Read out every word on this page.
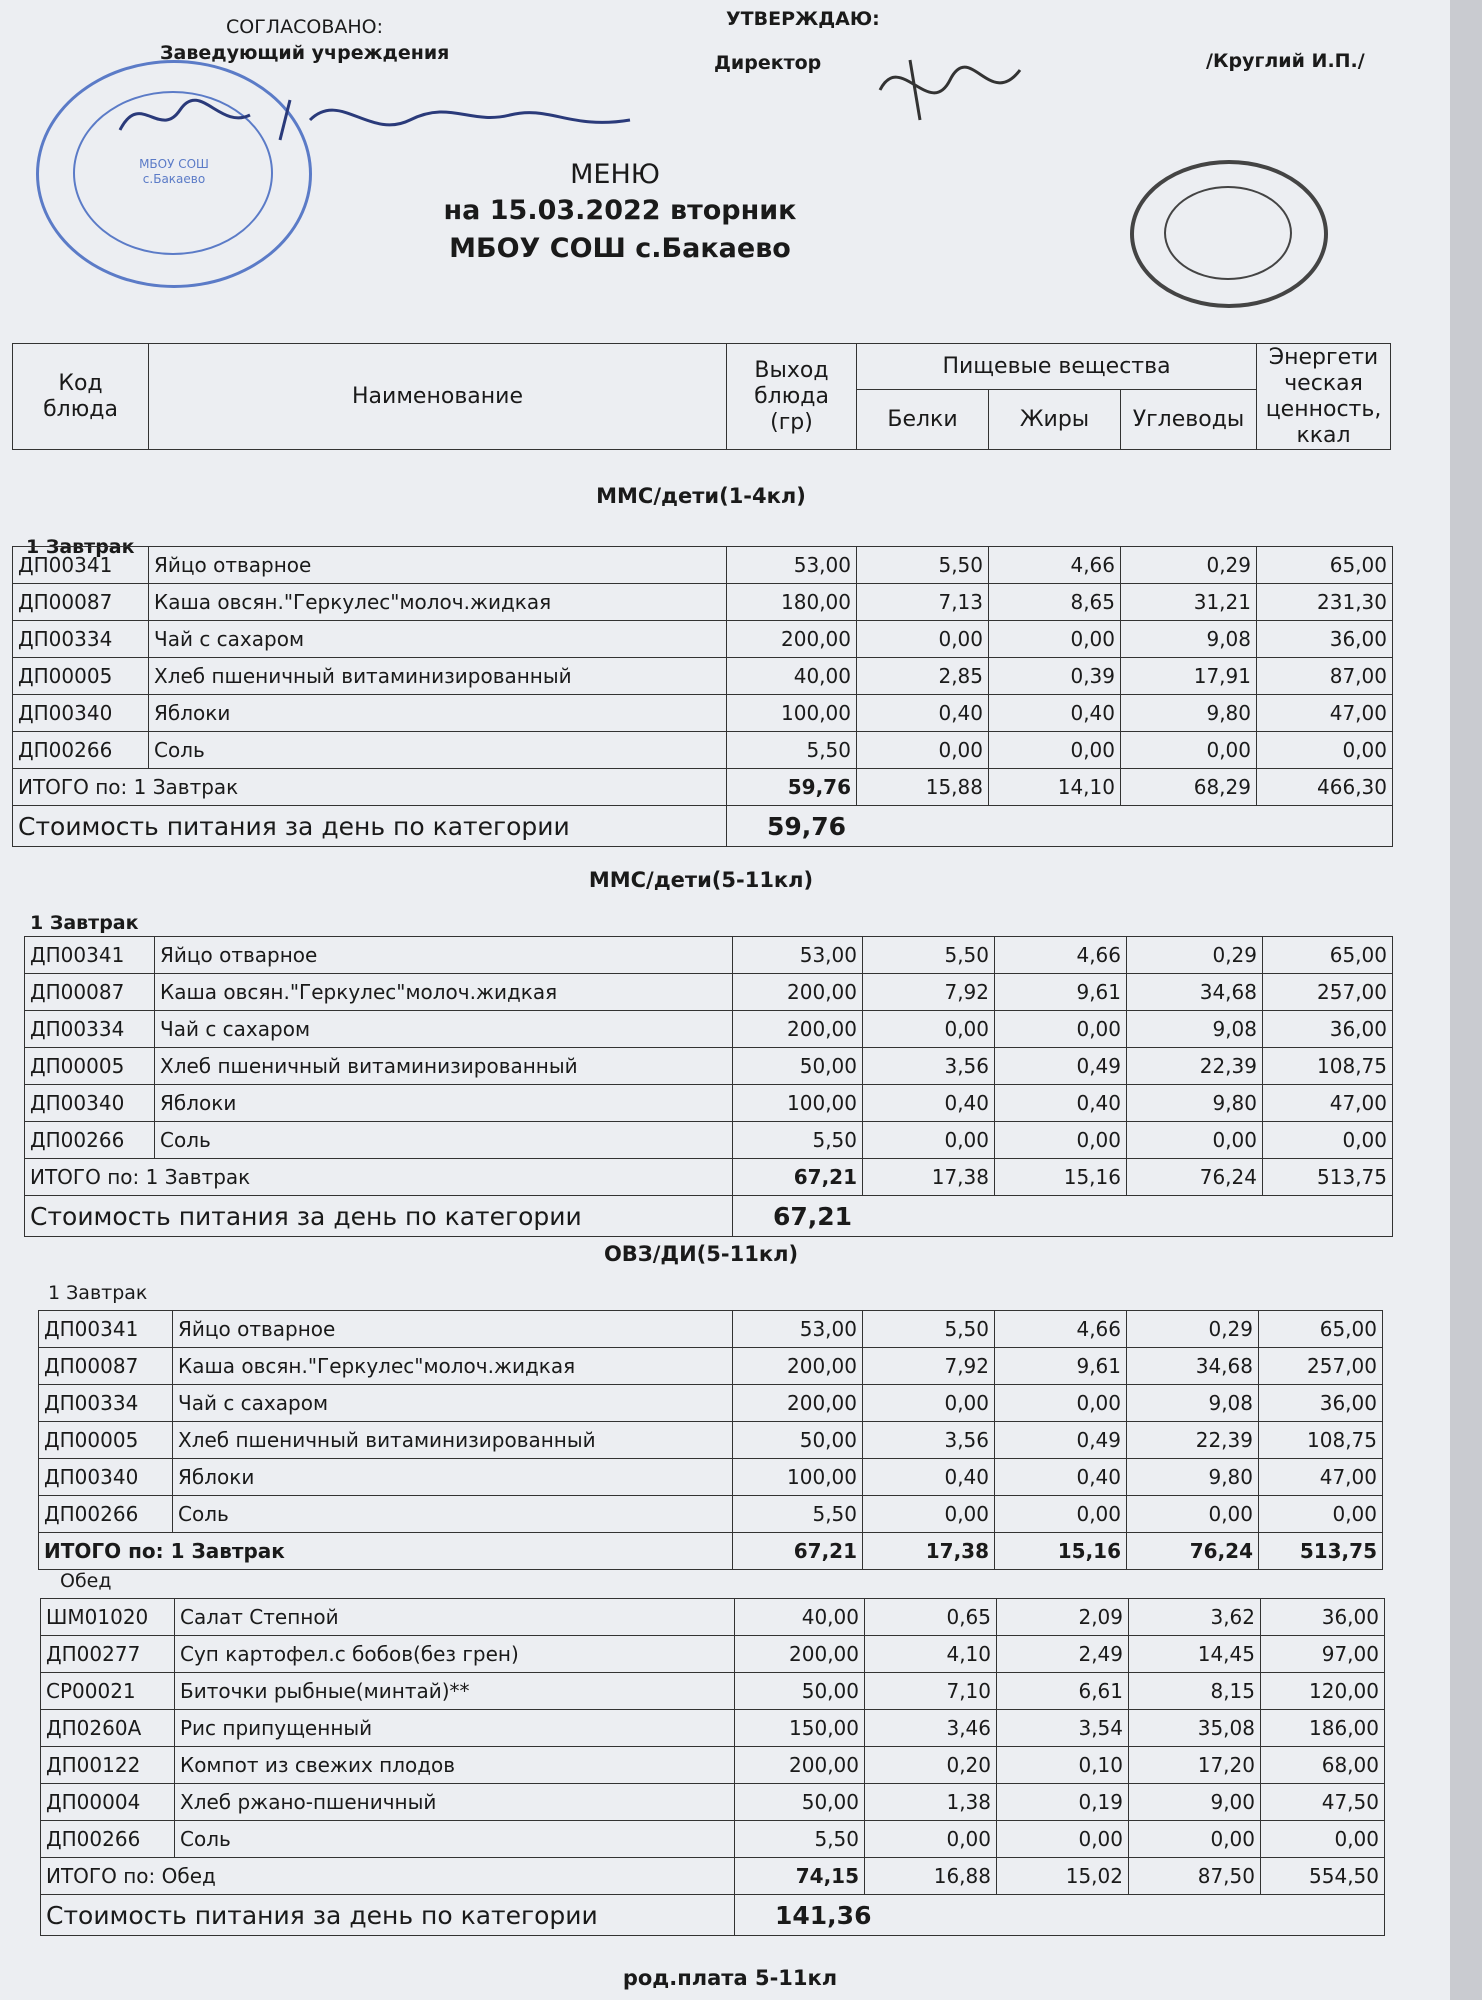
СОГЛАСОВАНО:
Заведующий учреждения
УТВЕРЖДАЮ:
Директор	/Круглий И.П./
МБОУ СОШ с.Бакаево	МЕНЮ
на 15.03.2022 вторник
МБОУ СОШ с.Бакаево
Код блюда	Наименование	Выход блюда (гр)	Пищевые вещества			Энергети ческая ценность, ккал
			Белки	Жиры	Углеводы	
ММС/дети(1-4кл)
1 Завтрак
ДП00341	Яйцо отварное	53,00	5,50	4,66	0,29	65,00
ДП00087	Каша овсян."Геркулес"молоч.жидкая	180,00	7,13	8,65	31,21	231,30
ДП00334	Чай с сахаром	200,00	0,00	0,00	9,08	36,00
ДП00005	Хлеб пшеничный витаминизированный	40,00	2,85	0,39	17,91	87,00
ДП00340	Яблоки	100,00	0,40	0,40	9,80	47,00
ДП00266	Соль	5,50	0,00	0,00	0,00	0,00
ИТОГО по: 1 Завтрак		59,76	15,88	14,10	68,29	466,30
Стоимость питания за день по категории		59,76				
ММС/дети(5-11кл)
1 Завтрак
ДП00341	Яйцо отварное	53,00	5,50	4,66	0,29	65,00
ДП00087	Каша овсян."Геркулес"молоч.жидкая	200,00	7,92	9,61	34,68	257,00
ДП00334	Чай с сахаром	200,00	0,00	0,00	9,08	36,00
ДП00005	Хлеб пшеничный витаминизированный	50,00	3,56	0,49	22,39	108,75
ДП00340	Яблоки	100,00	0,40	0,40	9,80	47,00
ДП00266	Соль	5,50	0,00	0,00	0,00	0,00
ИТОГО по: 1 Завтрак		67,21	17,38	15,16	76,24	513,75
Стоимость питания за день по категории		67,21				
ОВЗ/ДИ(5-11кл)
1 Завтрак
ДП00341	Яйцо отварное	53,00	5,50	4,66	0,29	65,00
ДП00087	Каша овсян."Геркулес"молоч.жидкая	200,00	7,92	9,61	34,68	257,00
ДП00334	Чай с сахаром	200,00	0,00	0,00	9,08	36,00
ДП00005	Хлеб пшеничный витаминизированный	50,00	3,56	0,49	22,39	108,75
ДП00340	Яблоки	100,00	0,40	0,40	9,80	47,00
ДП00266	Соль	5,50	0,00	0,00	0,00	0,00
ИТОГО по: 1 Завтрак		67,21	17,38	15,16	76,24	513,75
Обед
ШМ01020	Салат Степной	40,00	0,65	2,09	3,62	36,00
ДП00277	Суп картофел.с бобов(без грен)	200,00	4,10	2,49	14,45	97,00
СР00021	Биточки рыбные(минтай)**	50,00	7,10	6,61	8,15	120,00
ДП0260А	Рис припущенный	150,00	3,46	3,54	35,08	186,00
ДП00122	Компот из свежих плодов	200,00	0,20	0,10	17,20	68,00
ДП00004	Хлеб ржано-пшеничный	50,00	1,38	0,19	9,00	47,50
ДП00266	Соль	5,50	0,00	0,00	0,00	0,00
ИТОГО по: Обед		74,15	16,88	15,02	87,50	554,50
Стоимость питания за день по категории		141,36				
род.плата 5-11кл
